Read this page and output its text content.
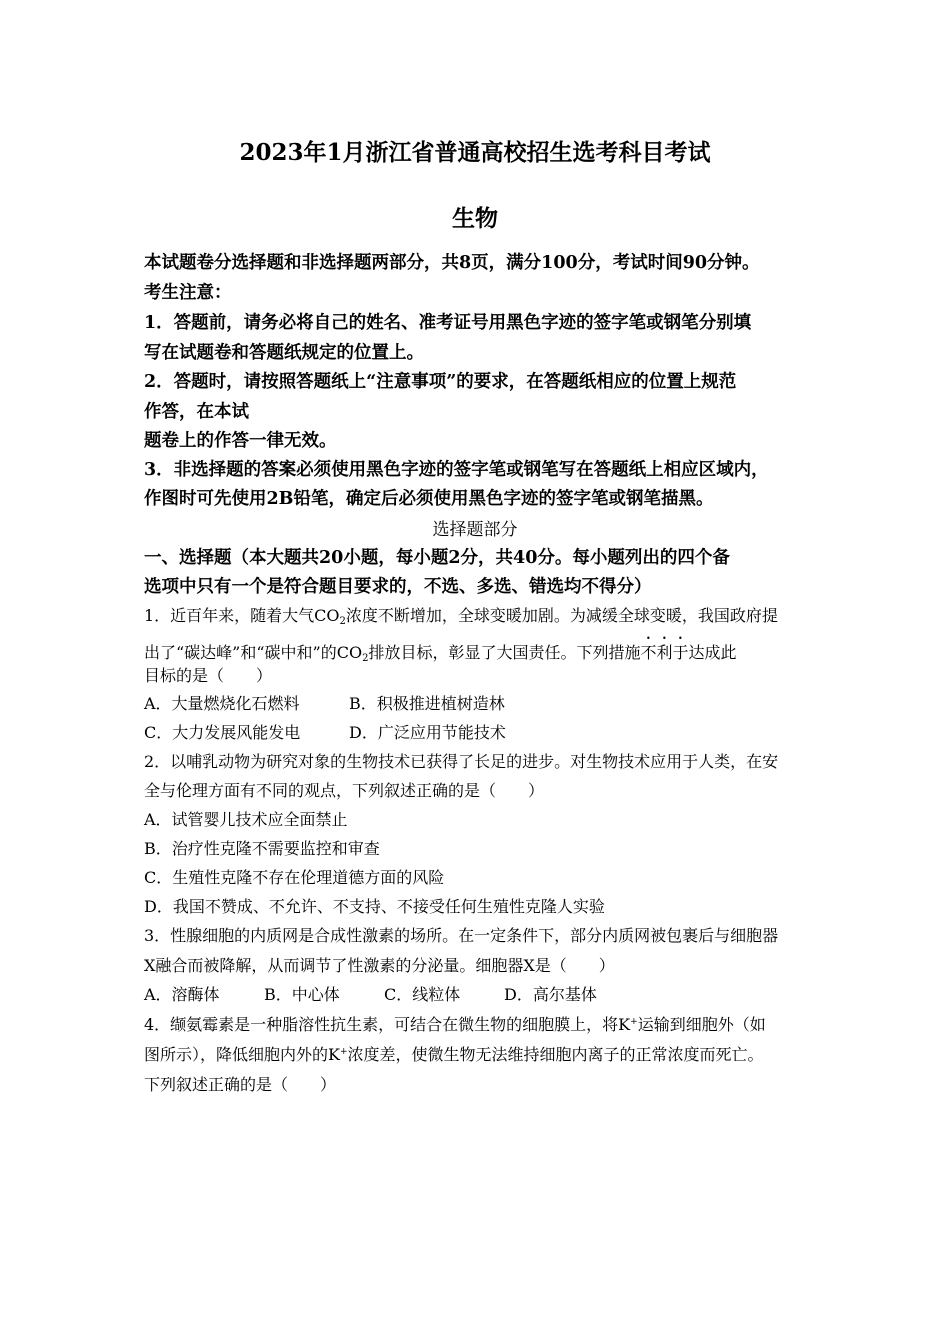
2023年1月浙江省普通高校招生选考科目考试
生物
本试题卷分选择题和非选择题两部分，共8页，满分100分，考试时间90分钟。
考生注意：
1．答题前，请务必将自己的姓名、准考证号用黑色字迹的签字笔或钢笔分别填
写在试题卷和答题纸规定的位置上。
2．答题时，请按照答题纸上“注意事项”的要求，在答题纸相应的位置上规范
作答，在本试
题卷上的作答一律无效。
3．非选择题的答案必须使用黑色字迹的签字笔或钢笔写在答题纸上相应区域内，
作图时可先使用2B铅笔，确定后必须使用黑色字迹的签字笔或钢笔描黑。
选择题部分
一、选择题（本大题共20小题，每小题2分，共40分。每小题列出的四个备
选项中只有一个是符合题目要求的，不选、多选、错选均不得分）
1．近百年来，随着大气$CO_2$浓度不断增加，全球变暖加剧。为减缓全球变暖，我国政府提
出了“碳达峰”和“碳中和”的$CO_2$排放目标，彰显了大国责任。下列措施不利于达成此
目标的是（　　）
A．大量燃烧化石燃料	B．积极推进植树造林
C．大力发展风能发电	D．广泛应用节能技术
2．以哺乳动物为研究对象的生物技术已获得了长足的进步。对生物技术应用于人类，在安
全与伦理方面有不同的观点，下列叙述正确的是（　　）
A．试管婴儿技术应全面禁止
B．治疗性克隆不需要监控和审查
C．生殖性克隆不存在伦理道德方面的风险
D．我国不赞成、不允许、不支持、不接受任何生殖性克隆人实验
3．性腺细胞的内质网是合成性激素的场所。在一定条件下，部分内质网被包裹后与细胞器
X融合而被降解，从而调节了性激素的分泌量。细胞器X是（　　）
A．溶酶体	B．中心体	C．线粒体	D．高尔基体
4．缬氨霉素是一种脂溶性抗生素，可结合在微生物的细胞膜上，将K+运输到细胞外（如
图所示），降低细胞内外的K+浓度差，使微生物无法维持细胞内离子的正常浓度而死亡。
下列叙述正确的是（　　）
